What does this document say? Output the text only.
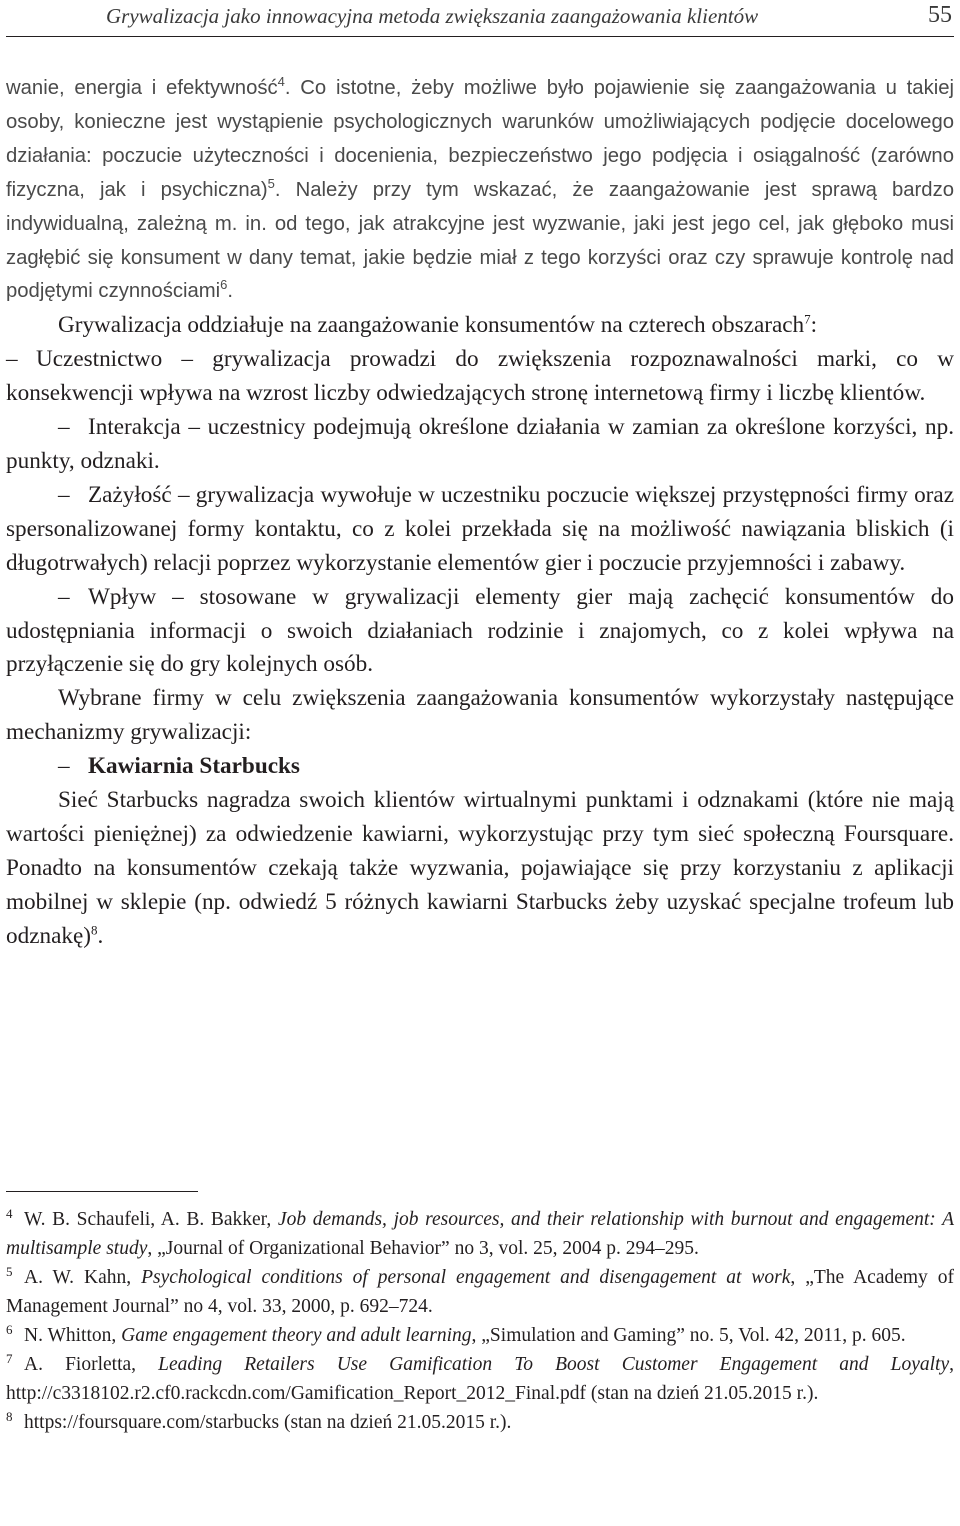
Grywalizacja jako innowacyjna metoda zwiększania zaangażowania klientów	55

wanie, energia i efektywność$^4$. Co istotne, żeby możliwe było pojawienie się zaangażowania u takiej osoby, konieczne jest wystąpienie psychologicznych warunków umożliwiających podjęcie docelowego działania: poczucie użyteczności i docenienia, bezpieczeństwo jego podjęcia i osiągalność (zarówno fizyczna, jak i psychiczna)$^5$. Należy przy tym wskazać, że zaangażowanie jest sprawą bardzo indywidualną, zależną m. in. od tego, jak atrakcyjne jest wyzwanie, jaki jest jego cel, jak głęboko musi zagłębić się konsument w dany temat, jakie będzie miał z tego korzyści oraz czy sprawuje kontrolę nad podjętymi czynnościami$^6$.

Grywalizacja oddziałuje na zaangażowanie konsumentów na czterech obszarach$^7$:

– Uczestnictwo – grywalizacja prowadzi do zwiększenia rozpoznawalności marki, co w konsekwencji wpływa na wzrost liczby odwiedzających stronę internetową firmy i liczbę klientów.

– Interakcja – uczestnicy podejmują określone działania w zamian za określone korzyści, np. punkty, odznaki.

– Zażyłość – grywalizacja wywołuje w uczestniku poczucie większej przystępności firmy oraz spersonalizowanej formy kontaktu, co z kolei przekłada się na możliwość nawiązania bliskich (i długotrwałych) relacji poprzez wykorzystanie elementów gier i poczucie przyjemności i zabawy.

– Wpływ – stosowane w grywalizacji elementy gier mają zachęcić konsumentów do udostępniania informacji o swoich działaniach rodzinie i znajomych, co z kolei wpływa na przyłączenie się do gry kolejnych osób.

Wybrane firmy w celu zwiększenia zaangażowania konsumentów wykorzystały następujące mechanizmy grywalizacji:

– Kawiarnia Starbucks

Sieć Starbucks nagradza swoich klientów wirtualnymi punktami i odznakami (które nie mają wartości pieniężnej) za odwiedzenie kawiarni, wykorzystując przy tym sieć społeczną Foursquare. Ponadto na konsumentów czekają także wyzwania, pojawiające się przy korzystaniu z aplikacji mobilnej w sklepie (np. odwiedź 5 różnych kawiarni Starbucks żeby uzyskać specjalne trofeum lub odznakę)$^8$.

4 W. B. Schaufeli, A. B. Bakker, Job demands, job resources, and their relationship with burnout and engagement: A multisample study, „Journal of Organizational Behavior” no 3, vol. 25, 2004 p. 294–295.

5 A. W. Kahn, Psychological conditions of personal engagement and disengagement at work, „The Academy of Management Journal” no 4, vol. 33, 2000, p. 692–724.

6 N. Whitton, Game engagement theory and adult learning, „Simulation and Gaming” no. 5, Vol. 42, 2011, p. 605.

7 A. Fiorletta, Leading Retailers Use Gamification To Boost Customer Engagement and Loyalty, http://c3318102.r2.cf0.rackcdn.com/Gamification_Report_2012_Final.pdf (stan na dzień 21.05.2015 r.).

8 https://foursquare.com/starbucks (stan na dzień 21.05.2015 r.).
